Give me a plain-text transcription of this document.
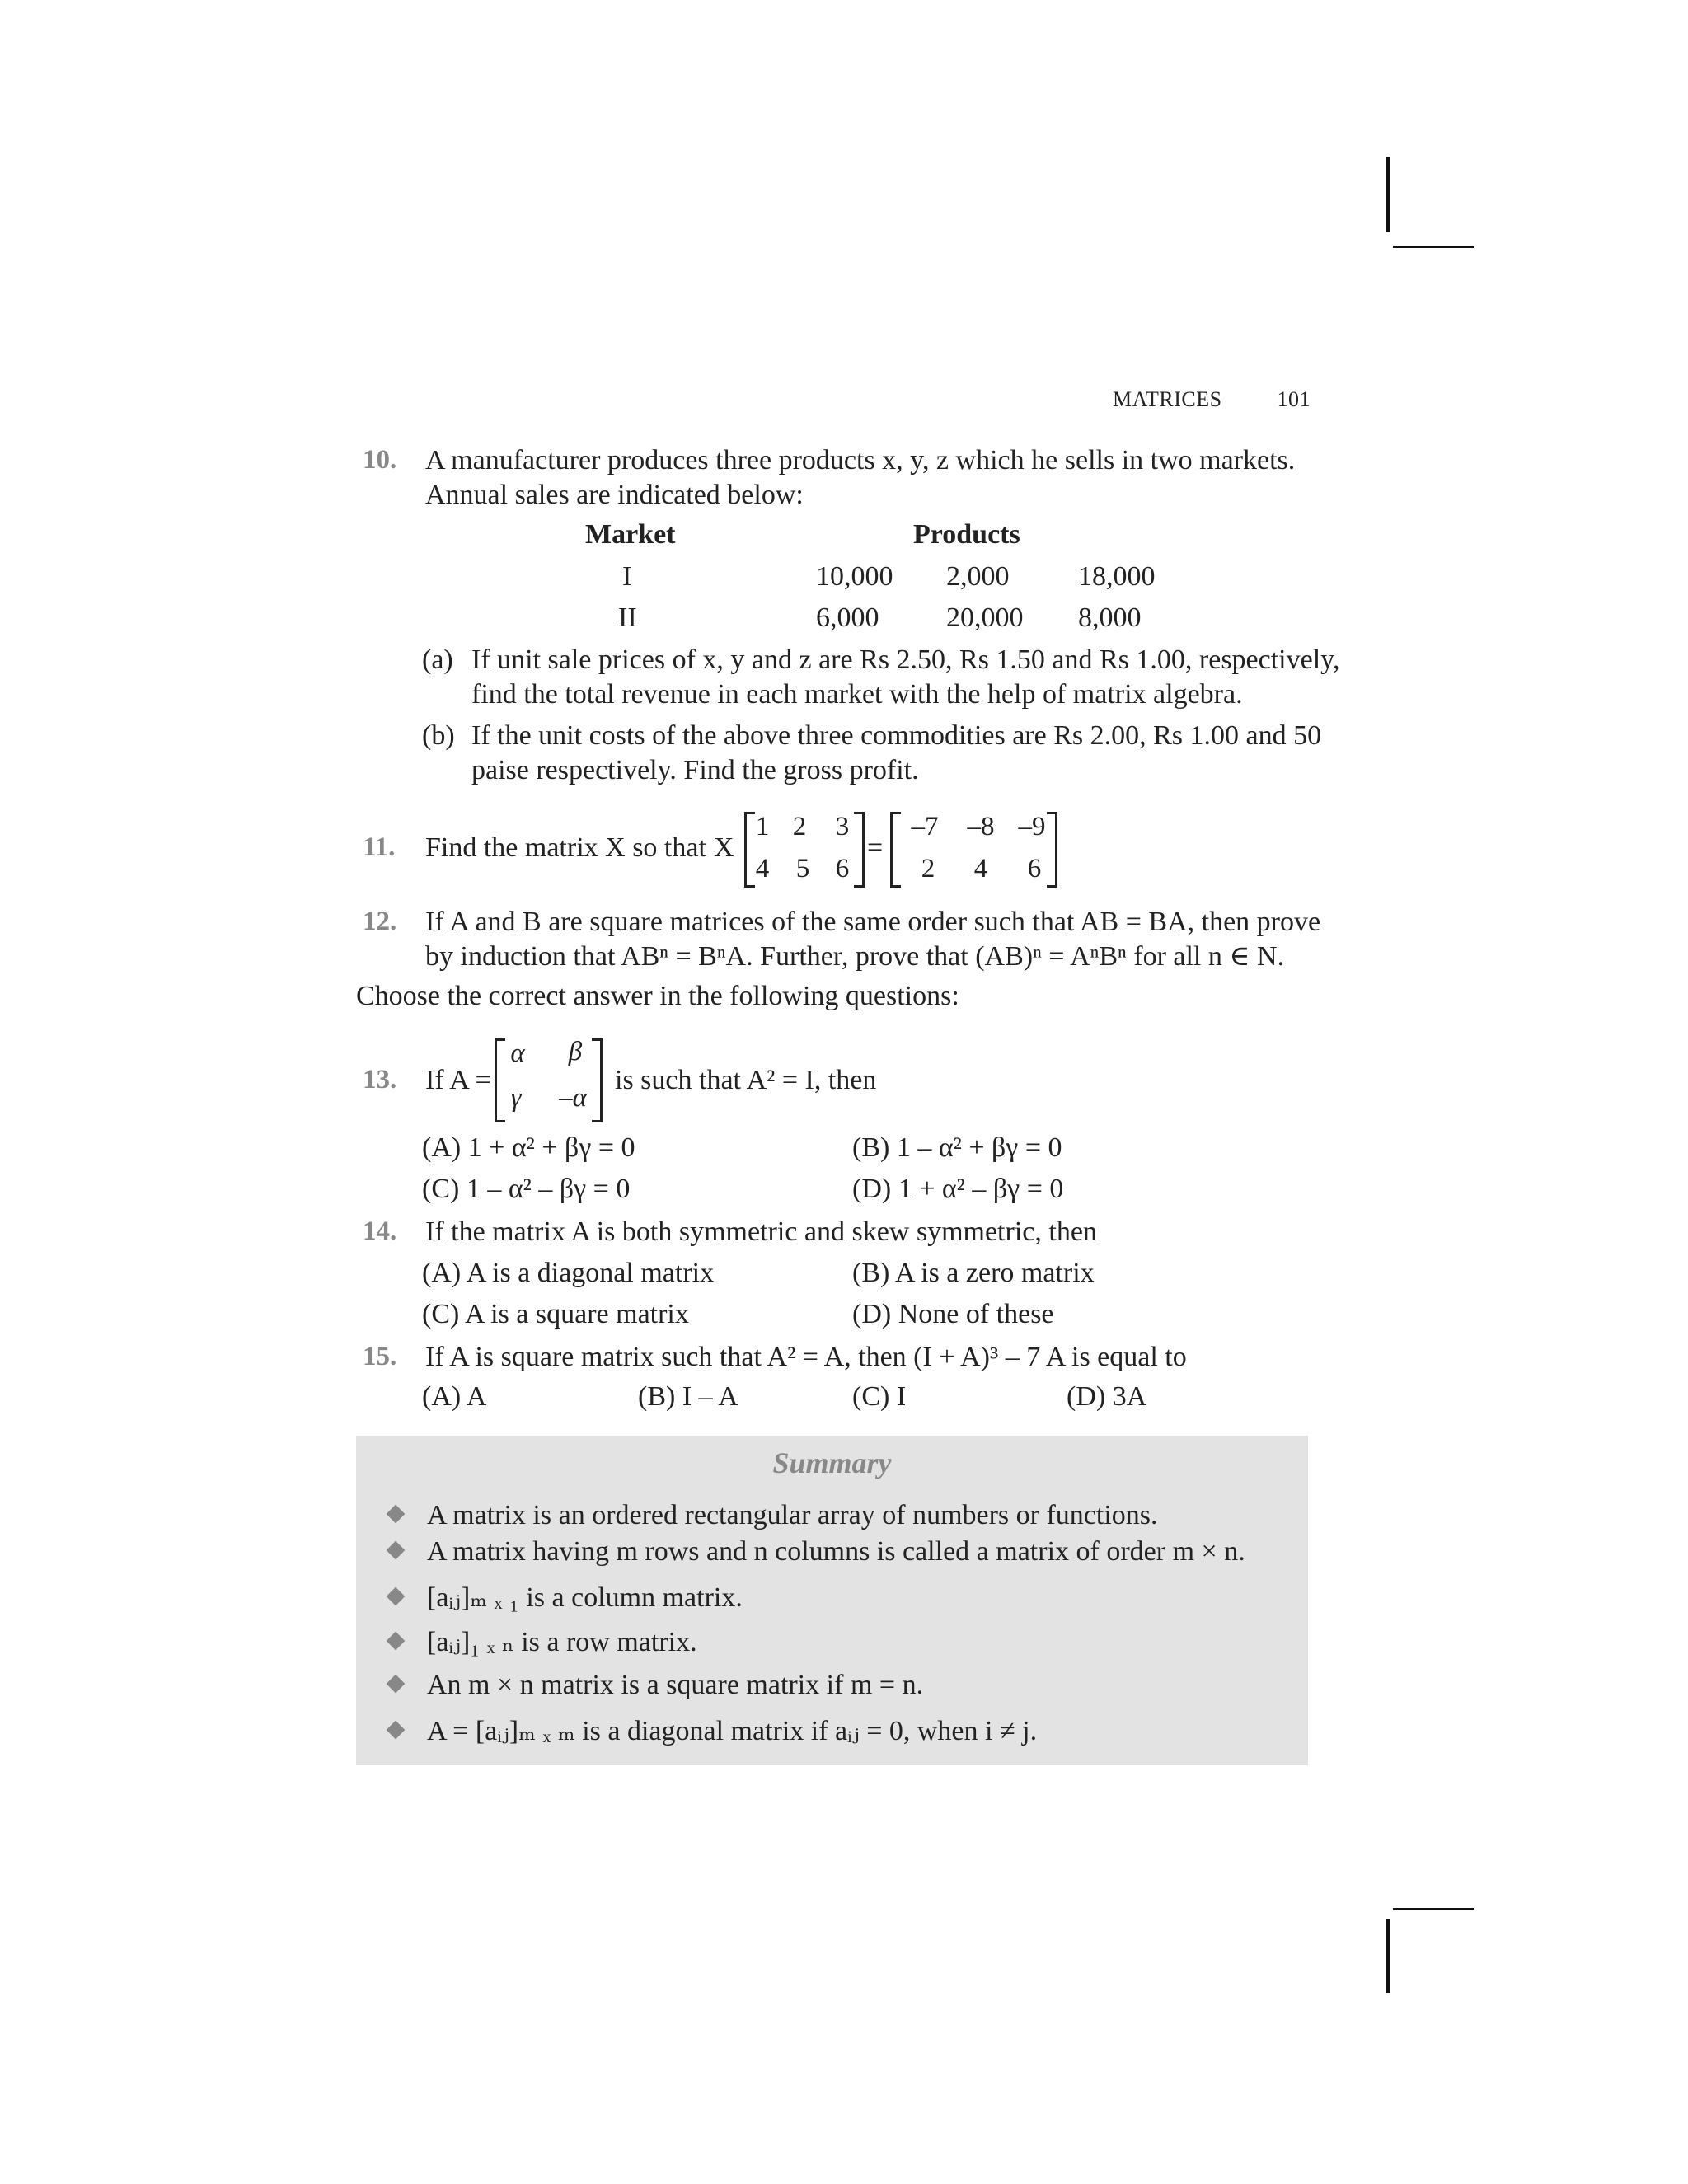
MATRICES	101
10. A manufacturer produces three products x, y, z which he sells in two markets.
Annual sales are indicated below:
Market	Products
I	10,000 2,000 18,000
II	6,000 20,000 8,000
(a) If unit sale prices of x, y and z are Rs 2.50, Rs 1.50 and Rs 1.00, respectively,
find the total revenue in each market with the help of matrix algebra.
(b) If the unit costs of the above three commodities are Rs 2.00, Rs 1.00 and 50
paise respectively. Find the gross profit.
11. Find the matrix X so that X
1 2	3
4 5 6
=
–7	–8 –9
2	4	6
12. If A and B are square matrices of the same order such that AB = BA, then prove
by induction that ABⁿ = BⁿA. Further, prove that (AB)ⁿ = AⁿBⁿ for all n ∈ N.
Choose the correct answer in the following questions:
13. If A =
α	β
γ	–α
is such that A² = I, then
(A) 1 + α² + βγ = 0	(B) 1 – α² + βγ = 0
(C) 1 – α² – βγ = 0	(D) 1 + α² – βγ = 0
14. If the matrix A is both symmetric and skew symmetric, then
(A) A is a diagonal matrix	(B) A is a zero matrix
(C) A is a square matrix	(D) None of these
15. If A is square matrix such that A² = A, then (I + A)³ – 7 A is equal to
(A) A	(B) I – A	(C) I	(D) 3A
Summary
A matrix is an ordered rectangular array of numbers or functions.
A matrix having m rows and n columns is called a matrix of order m × n.
[aᵢⱼ]ₘ ₓ ₁ is a column matrix.
[aᵢⱼ]₁ ₓ ₙ is a row matrix.
An m × n matrix is a square matrix if m = n.
A = [aᵢⱼ]ₘ ₓ ₘ is a diagonal matrix if aᵢⱼ = 0, when i ≠ j.
